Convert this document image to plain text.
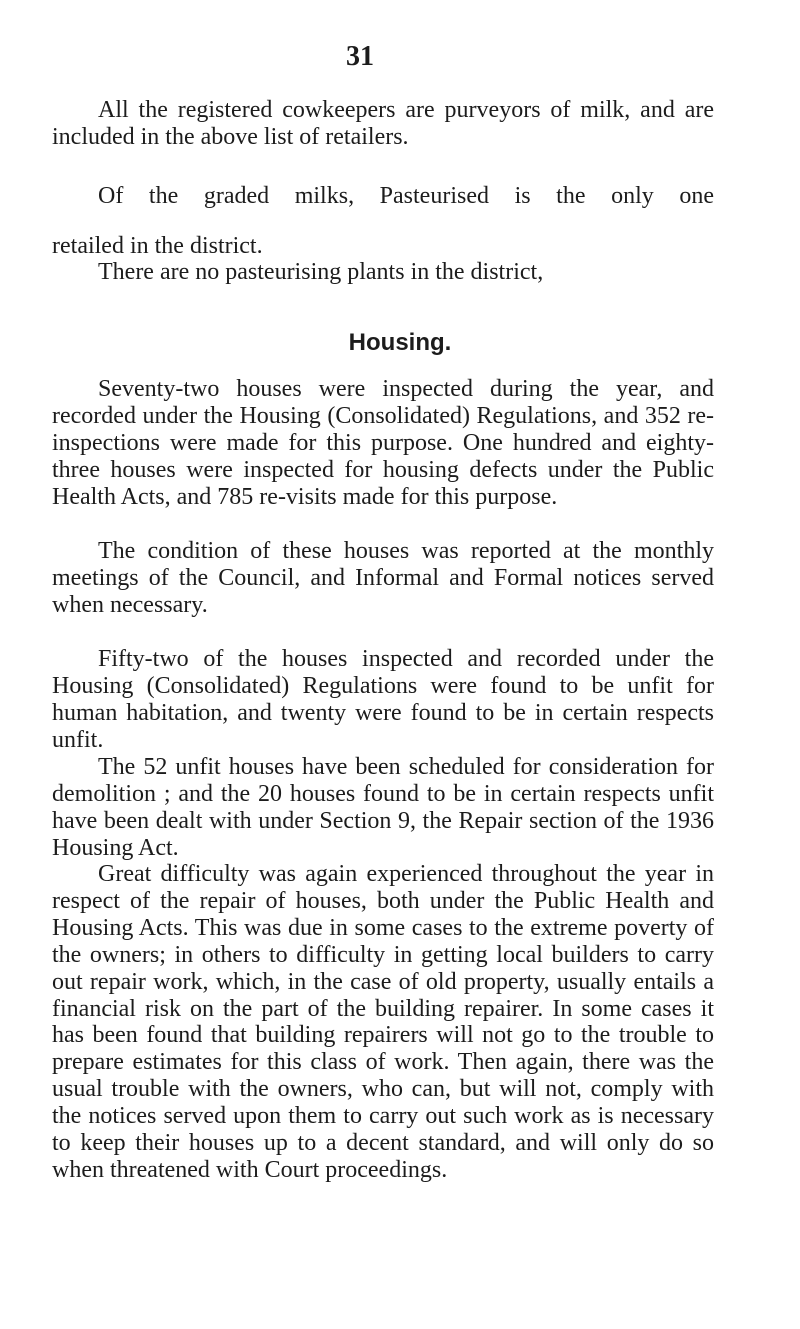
31

All the registered cowkeepers are purveyors of milk, and are included in the above list of retailers.

Of the graded milks, Pasteurised is the only one

retailed in the district.

There are no pasteurising plants in the district,

Housing.

Seventy-two houses were inspected during the year, and recorded under the Housing (Consolidated) Regulations, and 352 re-inspections were made for this purpose. One hundred and eighty-three houses were inspected for housing defects under the Public Health Acts, and 785 re-visits made for this purpose.

The condition of these houses was reported at the monthly meetings of the Council, and Informal and Formal notices served when necessary.

Fifty-two of the houses inspected and recorded under the Housing (Consolidated) Regulations were found to be unfit for human habitation, and twenty were found to be in certain respects unfit.

The 52 unfit houses have been scheduled for consideration for demolition ; and the 20 houses found to be in certain respects unfit have been dealt with under Section 9, the Repair section of the 1936 Housing Act.

Great difficulty was again experienced throughout the year in respect of the repair of houses, both under the Public Health and Housing Acts. This was due in some cases to the extreme poverty of the owners; in others to difficulty in getting local builders to carry out repair work, which, in the case of old property, usually entails a financial risk on the part of the building repairer. In some cases it has been found that building repairers will not go to the trouble to prepare estimates for this class of work. Then again, there was the usual trouble with the owners, who can, but will not, comply with the notices served upon them to carry out such work as is necessary to keep their houses up to a decent standard, and will only do so when threatened with Court proceedings.
